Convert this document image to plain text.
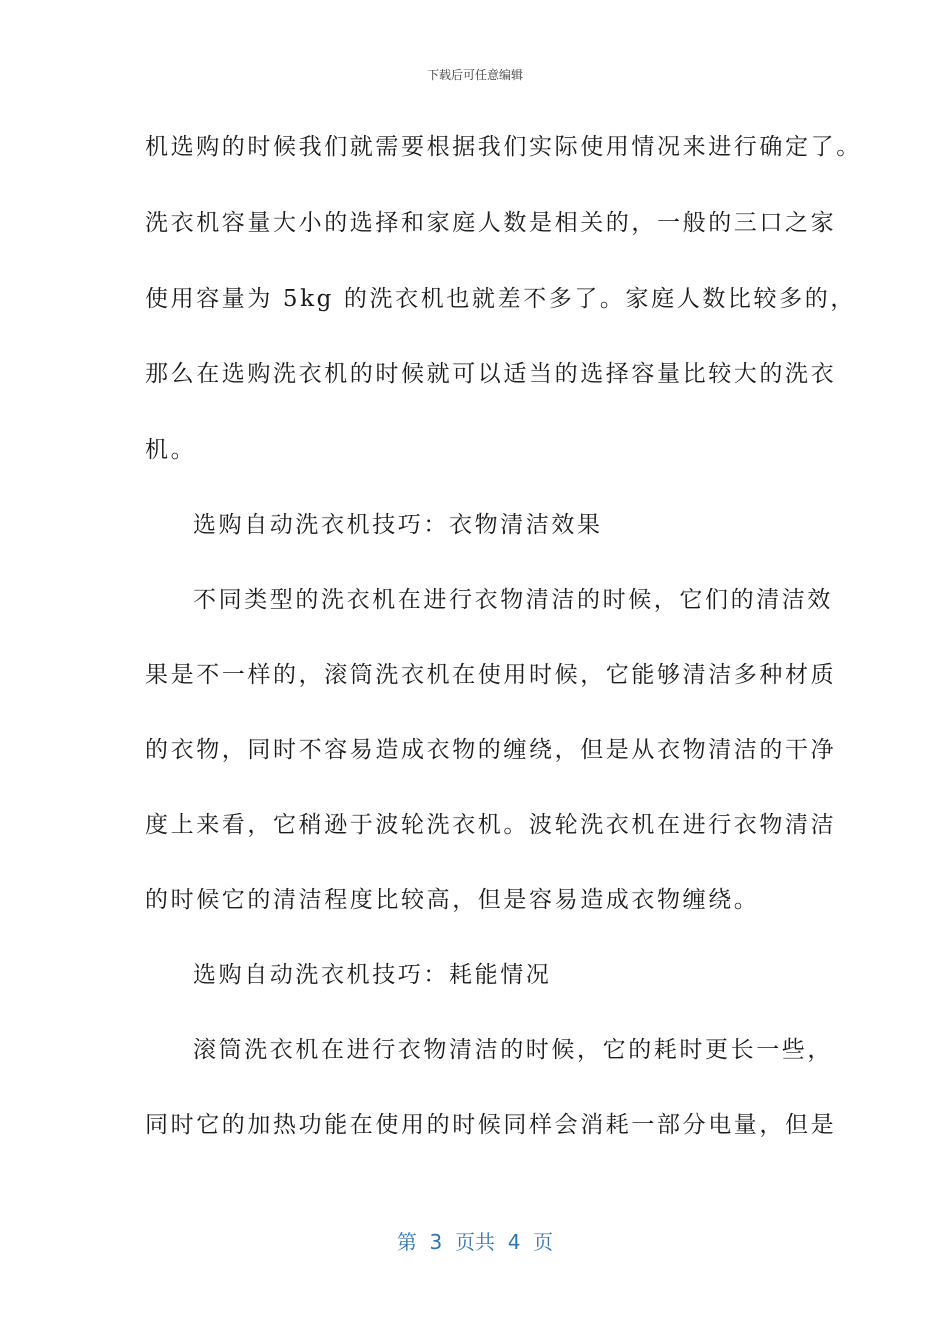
下载后可任意编辑
机选购的时候我们就需要根据我们实际使用情况来进行确定了。
洗衣机容量大小的选择和家庭人数是相关的，一般的三口之家
使用容量为 5kg 的洗衣机也就差不多了。家庭人数比较多的，
那么在选购洗衣机的时候就可以适当的选择容量比较大的洗衣
机。
选购自动洗衣机技巧：衣物清洁效果
不同类型的洗衣机在进行衣物清洁的时候，它们的清洁效
果是不一样的，滚筒洗衣机在使用时候，它能够清洁多种材质
的衣物，同时不容易造成衣物的缠绕，但是从衣物清洁的干净
度上来看，它稍逊于波轮洗衣机。波轮洗衣机在进行衣物清洁
的时候它的清洁程度比较高，但是容易造成衣物缠绕。
选购自动洗衣机技巧：耗能情况
滚筒洗衣机在进行衣物清洁的时候，它的耗时更长一些，
同时它的加热功能在使用的时候同样会消耗一部分电量，但是
第  3  页共  4  页
